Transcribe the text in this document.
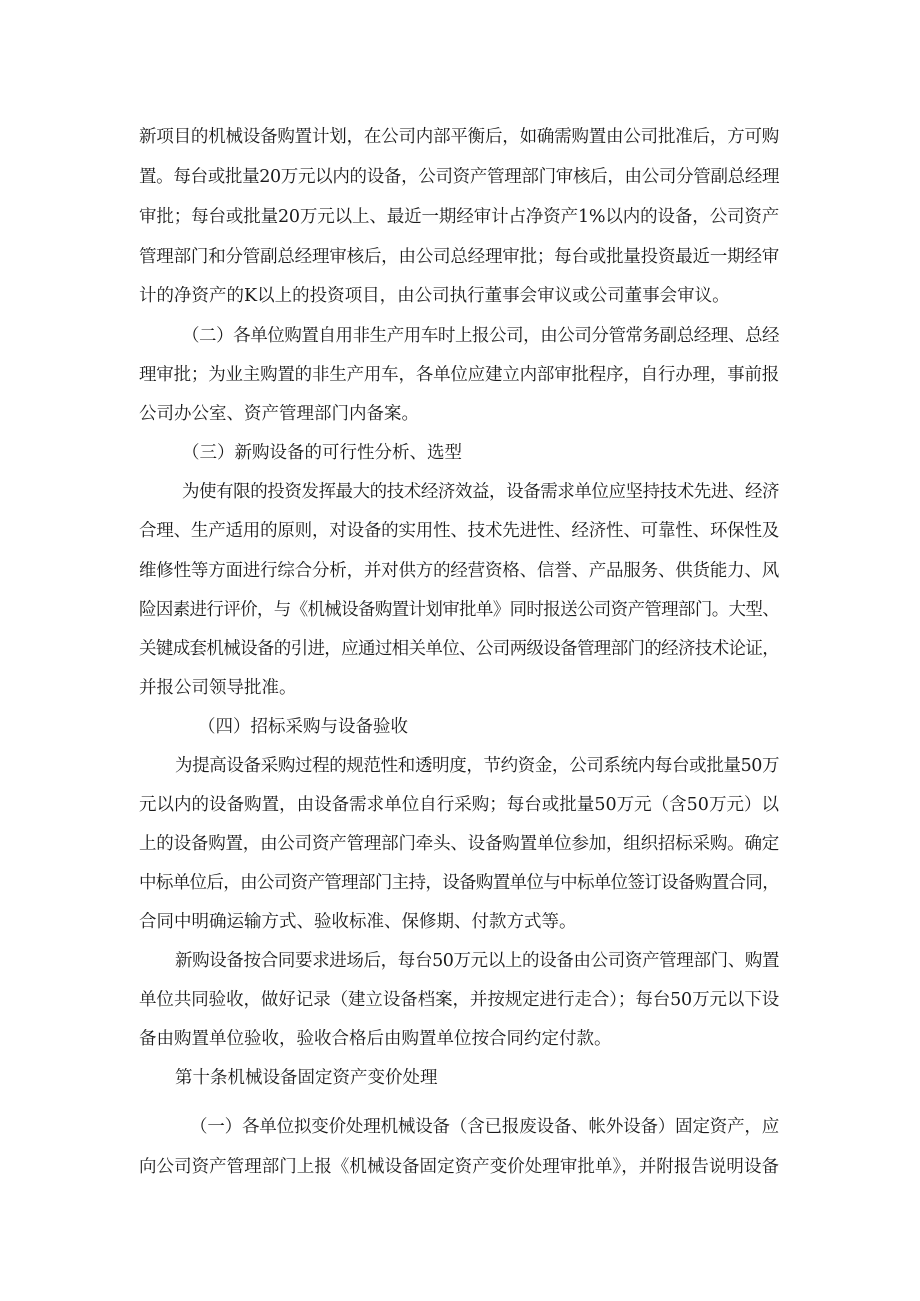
新项目的机械设备购置计划，在公司内部平衡后，如确需购置由公司批准后，方可购

置。每台或批量20万元以内的设备，公司资产管理部门审核后，由公司分管副总经理

审批；每台或批量20万元以上、最近一期经审计占净资产1%以内的设备，公司资产

管理部门和分管副总经理审核后，由公司总经理审批；每台或批量投资最近一期经审

计的净资产的K以上的投资项目，由公司执行董事会审议或公司董事会审议。

（二）各单位购置自用非生产用车时上报公司，由公司分管常务副总经理、总经

理审批；为业主购置的非生产用车，各单位应建立内部审批程序，自行办理，事前报

公司办公室、资产管理部门内备案。

（三）新购设备的可行性分析、选型

为使有限的投资发挥最大的技术经济效益，设备需求单位应坚持技术先进、经济

合理、生产适用的原则，对设备的实用性、技术先进性、经济性、可靠性、环保性及

维修性等方面进行综合分析，并对供方的经营资格、信誉、产品服务、供货能力、风

险因素进行评价，与《机械设备购置计划审批单》同时报送公司资产管理部门。大型、

关键成套机械设备的引进，应通过相关单位、公司两级设备管理部门的经济技术论证，

并报公司领导批准。

（四）招标采购与设备验收

为提高设备采购过程的规范性和透明度，节约资金，公司系统内每台或批量50万

元以内的设备购置，由设备需求单位自行采购；每台或批量50万元（含50万元）以

上的设备购置，由公司资产管理部门牵头、设备购置单位参加，组织招标采购。确定

中标单位后，由公司资产管理部门主持，设备购置单位与中标单位签订设备购置合同，

合同中明确运输方式、验收标准、保修期、付款方式等。

新购设备按合同要求进场后，每台50万元以上的设备由公司资产管理部门、购置

单位共同验收，做好记录（建立设备档案，并按规定进行走合）；每台50万元以下设

备由购置单位验收，验收合格后由购置单位按合同约定付款。

第十条机械设备固定资产变价处理

（一）各单位拟变价处理机械设备（含已报废设备、帐外设备）固定资产，应

向公司资产管理部门上报《机械设备固定资产变价处理审批单》，并附报告说明设备
